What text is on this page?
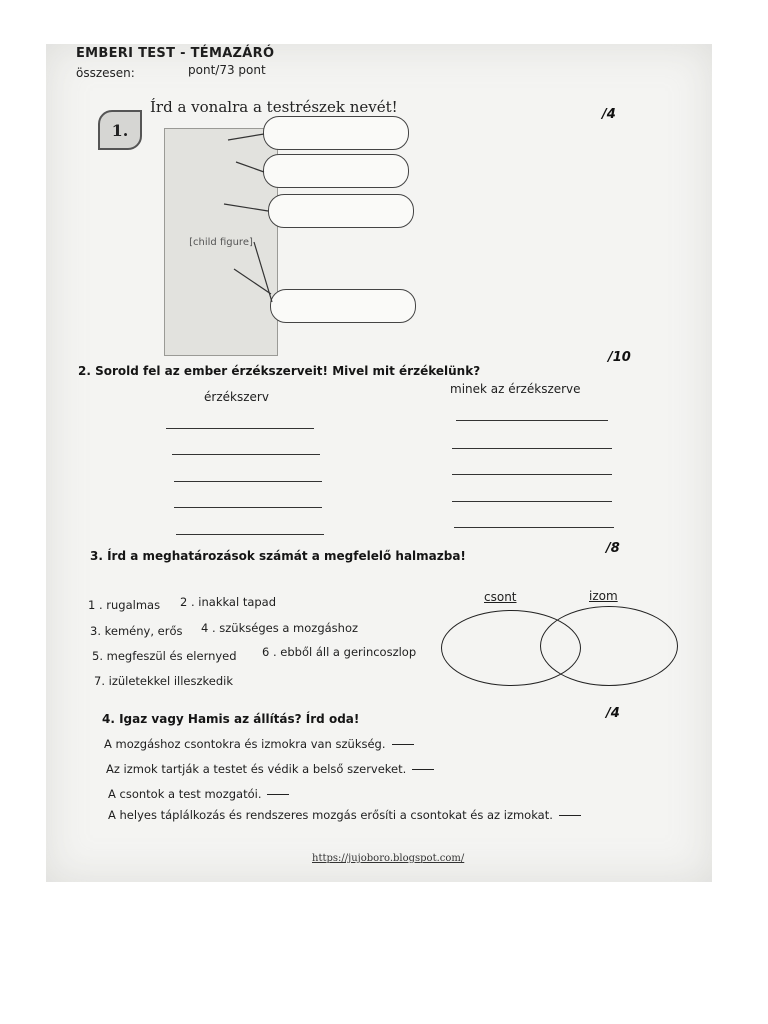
EMBERI TEST - TÉMAZÁRÓ
összesen:	pont/73 pont
1.
Írd a vonalra a testrészek nevét!	/4
[child figure]
2. Sorold fel az ember érzékszerveit! Mivel mit érzékelünk?
/10
érzékszerv
minek az érzékszerve
3. Írd a meghatározások számát a megfelelő halmazba!	/8
1 . rugalmas 2 . inakkal tapad
3. kemény, erős 4 . szükséges a mozgáshoz
5. megfeszül és elernyed 6 . ebből áll a gerincoszlop
7. izületekkel illeszkedik
csont	izom
4. Igaz vagy Hamis az állítás? Írd oda!	/4
A mozgáshoz csontokra és izmokra van szükség.
Az izmok tartják a testet és védik a belső szerveket.
A csontok a test mozgatói.
A helyes táplálkozás és rendszeres mozgás erősíti a csontokat és az izmokat.
https://jujoboro.blogspot.com/
